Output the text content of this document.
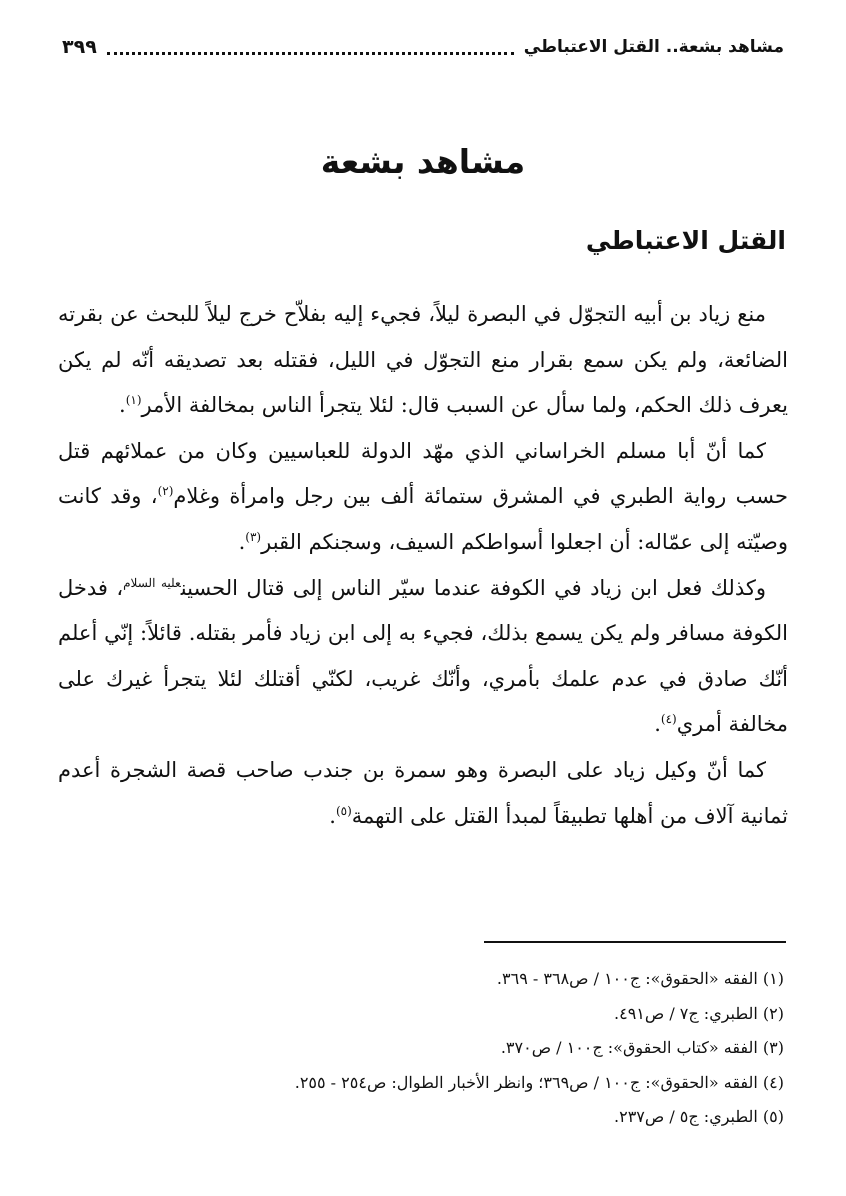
مشاهد بشعة.. القتل الاعتباطي
٣٩٩
مشاهد بشعة
القتل الاعتباطي

منع زياد بن أبيه التجوّل في البصرة ليلاً، فجيء إليه بفلاّح خرج ليلاً للبحث عن بقرته الضائعة، ولم يكن سمع بقرار منع التجوّل في الليل، فقتله بعد تصديقه أنّه لم يكن يعرف ذلك الحكم، ولما سأل عن السبب قال: لئلا يتجرأ الناس بمخالفة الأمر$^{(١)}$.

كما أنّ أبا مسلم الخراساني الذي مهّد الدولة للعباسيين وكان من عملائهم قتل حسب رواية الطبري في المشرق ستمائة ألف بين رجل وامرأة وغلام$^{(٢)}$، وقد كانت وصيّته إلى عمّاله: أن اجعلوا أسواطكم السيف، وسجنكم القبر$^{(٣)}$.

وكذلك فعل ابن زياد في الكوفة عندما سيّر الناس إلى قتال الحسين$^{عليه السلام}$، فدخل الكوفة مسافر ولم يكن يسمع بذلك، فجيء به إلى ابن زياد فأمر بقتله. قائلاً: إنّي أعلم أنّك صادق في عدم علمك بأمري، وأنّك غريب، لكنّي أقتلك لئلا يتجرأ غيرك على مخالفة أمري$^{(٤)}$.

كما أنّ وكيل زياد على البصرة وهو سمرة بن جندب صاحب قصة الشجرة أعدم ثمانية آلاف من أهلها تطبيقاً لمبدأ القتل على التهمة$^{(٥)}$.

(١) الفقه «الحقوق»: ج١٠٠ / ص٣٦٨ - ٣٦٩.
(٢) الطبري: ج٧ / ص٤٩١.
(٣) الفقه «كتاب الحقوق»: ج١٠٠ / ص٣٧٠.
(٤) الفقه «الحقوق»: ج١٠٠ / ص٣٦٩؛ وانظر الأخبار الطوال: ص٢٥٤ - ٢٥٥.
(٥) الطبري: ج٥ / ص٢٣٧.
